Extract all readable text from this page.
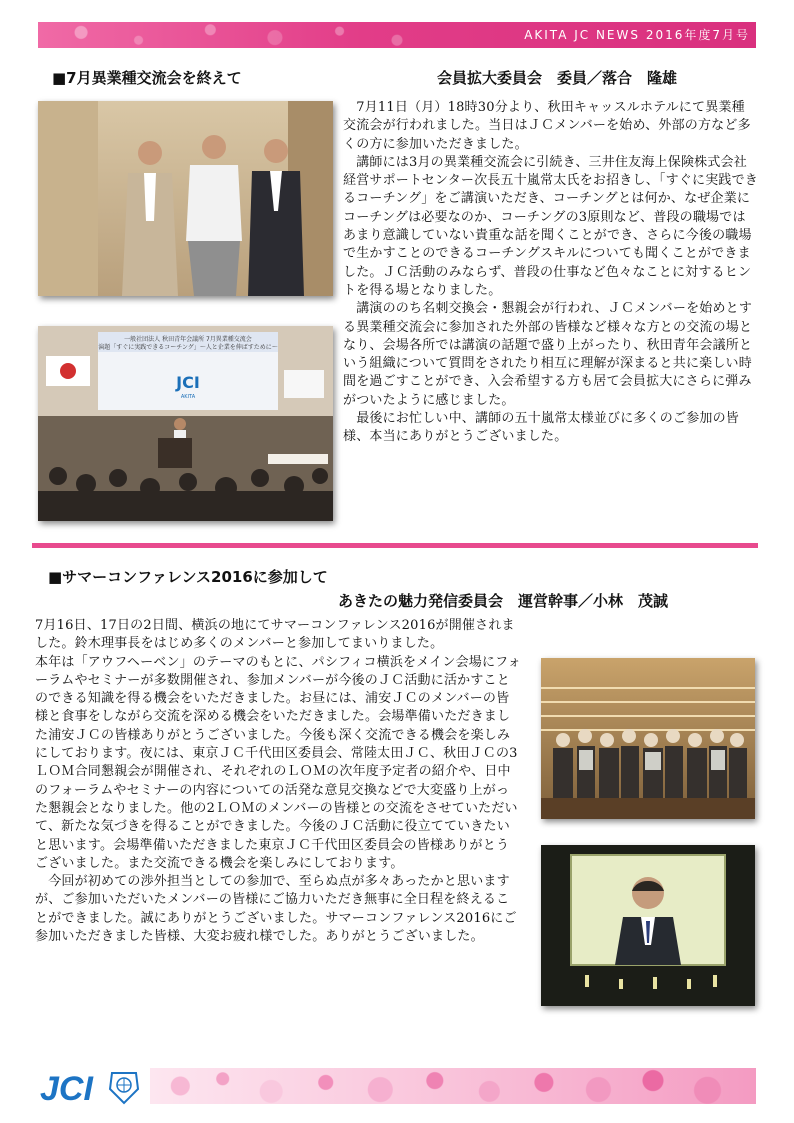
AKITA JC NEWS 2016年度7月号
■7月異業種交流会を終えて	会員拡大委員会　委員／落合　隆雄
一般社団法人 秋田青年会議所 7月異業種交流会
演題「すぐに実践できるコーチング」〜人と企業を伸ばすために〜
JCI
AKITA

　7月11日（月）18時30分より、秋田キャッスルホテルにて異業種交流会が行われました。当日はＪＣメンバーを始め、外部の方など多くの方に参加いただきました。

　講師には3月の異業種交流会に引続き、三井住友海上保険株式会社経営サポートセンター次長五十嵐常太氏をお招きし、「すぐに実践できるコーチング」をご講演いただき、コーチングとは何か、なぜ企業にコーチングは必要なのか、コーチングの3原則など、普段の職場ではあまり意識していない貴重な話を聞くことができ、さらに今後の職場で生かすことのできるコーチングスキルについても聞くことができました。ＪＣ活動のみならず、普段の仕事など色々なことに対するヒントを得る場となりました。

　講演ののち名刺交換会・懇親会が行われ、ＪＣメンバーを始めとする異業種交流会に参加された外部の皆様など様々な方との交流の場となり、会場各所では講演の話題で盛り上がったり、秋田青年会議所という組織について質問をされたり相互に理解が深まると共に楽しい時間を過ごすことができ、入会希望する方も居て会員拡大にさらに弾みがついたように感じました。

　最後にお忙しい中、講師の五十嵐常太様並びに多くのご参加の皆様、本当にありがとうございました。

■サマーコンファレンス2016に参加して
あきたの魅力発信委員会　運営幹事／小林　茂誠

7月16日、17日の2日間、横浜の地にてサマーコンファレンス2016が開催されました。鈴木理事長をはじめ多くのメンバーと参加してまいりました。

本年は「アウフヘーベン」のテーマのもとに、パシフィコ横浜をメイン会場にフォーラムやセミナーが多数開催され、参加メンバーが今後のＪＣ活動に活かすことのできる知識を得る機会をいただきました。お昼には、浦安ＪＣのメンバーの皆様と食事をしながら交流を深める機会をいただきました。会場準備いただきました浦安ＪＣの皆様ありがとうございました。今後も深く交流できる機会を楽しみにしております。夜には、東京ＪＣ千代田区委員会、常陸太田ＪＣ、秋田ＪＣの3ＬＯＭ合同懇親会が開催され、それぞれのＬＯＭの次年度予定者の紹介や、日中のフォーラムやセミナーの内容についての活発な意見交換などで大変盛り上がった懇親会となりました。他の2ＬＯＭのメンバーの皆様との交流をさせていただいて、新たな気づきを得ることができました。今後のＪＣ活動に役立てていきたいと思います。会場準備いただきました東京ＪＣ千代田区委員会の皆様ありがとうございました。また交流できる機会を楽しみにしております。

　今回が初めての渉外担当としての参加で、至らぬ点が多々あったかと思いますが、ご参加いただいたメンバーの皆様にご協力いただき無事に全日程を終えることができました。誠にありがとうございました。サマーコンファレンス2016にご参加いただきました皆様、大変お疲れ様でした。ありがとうございました。

JCI
